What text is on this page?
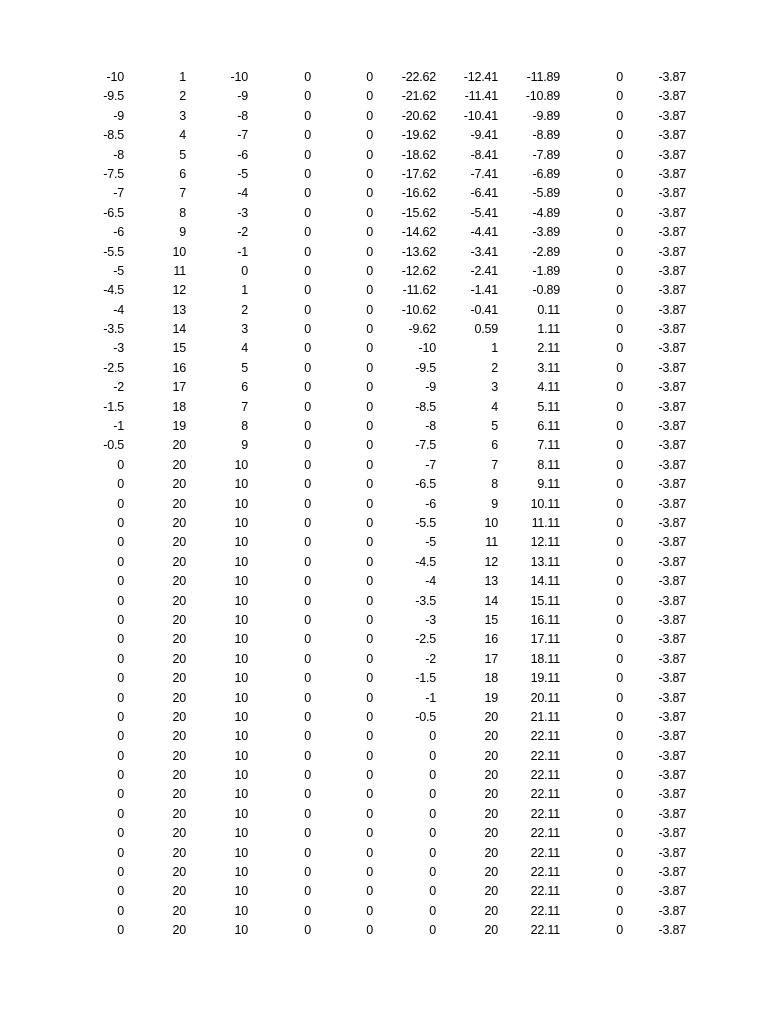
-10	1	-10	0	0	-22.62	-12.41	-11.89	0	-3.87
-9.5	2	-9	0	0	-21.62	-11.41	-10.89	0	-3.87
-9	3	-8	0	0	-20.62	-10.41	-9.89	0	-3.87
-8.5	4	-7	0	0	-19.62	-9.41	-8.89	0	-3.87
-8	5	-6	0	0	-18.62	-8.41	-7.89	0	-3.87
-7.5	6	-5	0	0	-17.62	-7.41	-6.89	0	-3.87
-7	7	-4	0	0	-16.62	-6.41	-5.89	0	-3.87
-6.5	8	-3	0	0	-15.62	-5.41	-4.89	0	-3.87
-6	9	-2	0	0	-14.62	-4.41	-3.89	0	-3.87
-5.5	10	-1	0	0	-13.62	-3.41	-2.89	0	-3.87
-5	11	0	0	0	-12.62	-2.41	-1.89	0	-3.87
-4.5	12	1	0	0	-11.62	-1.41	-0.89	0	-3.87
-4	13	2	0	0	-10.62	-0.41	0.11	0	-3.87
-3.5	14	3	0	0	-9.62	0.59	1.11	0	-3.87
-3	15	4	0	0	-10	1	2.11	0	-3.87
-2.5	16	5	0	0	-9.5	2	3.11	0	-3.87
-2	17	6	0	0	-9	3	4.11	0	-3.87
-1.5	18	7	0	0	-8.5	4	5.11	0	-3.87
-1	19	8	0	0	-8	5	6.11	0	-3.87
-0.5	20	9	0	0	-7.5	6	7.11	0	-3.87
0	20	10	0	0	-7	7	8.11	0	-3.87
0	20	10	0	0	-6.5	8	9.11	0	-3.87
0	20	10	0	0	-6	9	10.11	0	-3.87
0	20	10	0	0	-5.5	10	11.11	0	-3.87
0	20	10	0	0	-5	11	12.11	0	-3.87
0	20	10	0	0	-4.5	12	13.11	0	-3.87
0	20	10	0	0	-4	13	14.11	0	-3.87
0	20	10	0	0	-3.5	14	15.11	0	-3.87
0	20	10	0	0	-3	15	16.11	0	-3.87
0	20	10	0	0	-2.5	16	17.11	0	-3.87
0	20	10	0	0	-2	17	18.11	0	-3.87
0	20	10	0	0	-1.5	18	19.11	0	-3.87
0	20	10	0	0	-1	19	20.11	0	-3.87
0	20	10	0	0	-0.5	20	21.11	0	-3.87
0	20	10	0	0	0	20	22.11	0	-3.87
0	20	10	0	0	0	20	22.11	0	-3.87
0	20	10	0	0	0	20	22.11	0	-3.87
0	20	10	0	0	0	20	22.11	0	-3.87
0	20	10	0	0	0	20	22.11	0	-3.87
0	20	10	0	0	0	20	22.11	0	-3.87
0	20	10	0	0	0	20	22.11	0	-3.87
0	20	10	0	0	0	20	22.11	0	-3.87
0	20	10	0	0	0	20	22.11	0	-3.87
0	20	10	0	0	0	20	22.11	0	-3.87
0	20	10	0	0	0	20	22.11	0	-3.87
